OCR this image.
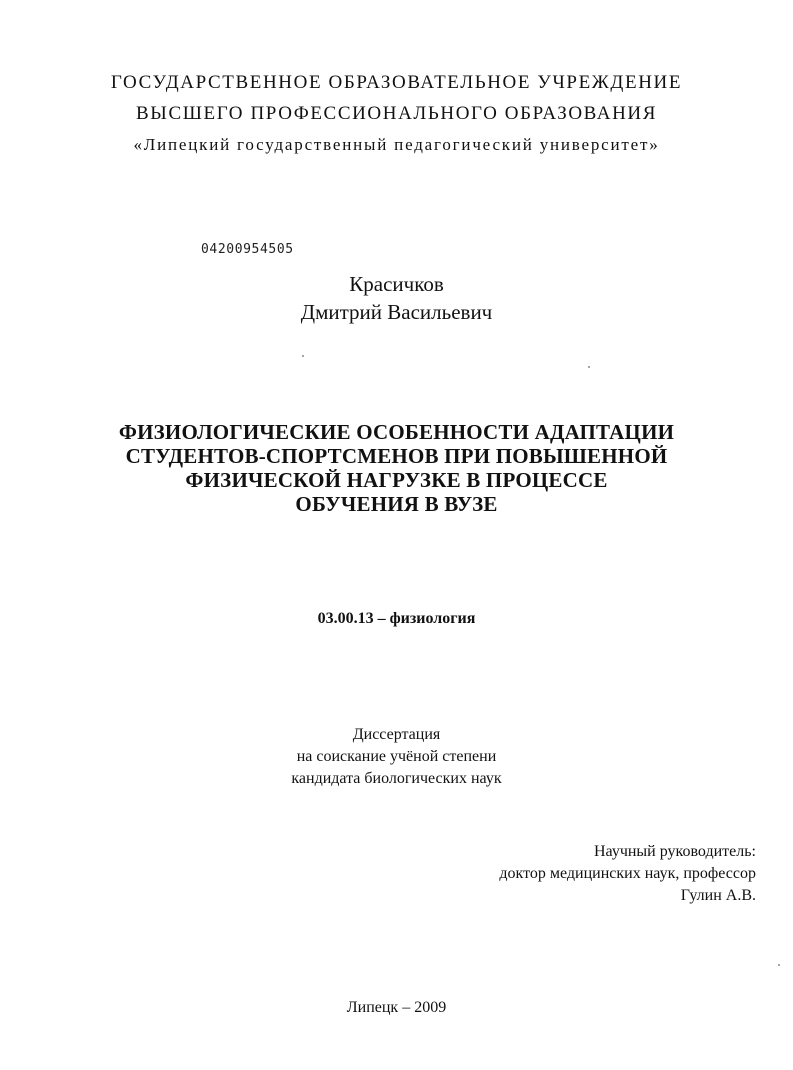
ГОСУДАРСТВЕННОЕ ОБРАЗОВАТЕЛЬНОЕ УЧРЕЖДЕНИЕ
ВЫСШЕГО ПРОФЕССИОНАЛЬНОГО ОБРАЗОВАНИЯ
«Липецкий государственный педагогический университет»
04200954505
Красичков
Дмитрий Васильевич
ФИЗИОЛОГИЧЕСКИЕ ОСОБЕННОСТИ АДАПТАЦИИ
СТУДЕНТОВ-СПОРТСМЕНОВ ПРИ ПОВЫШЕННОЙ
ФИЗИЧЕСКОЙ НАГРУЗКЕ В ПРОЦЕССЕ
ОБУЧЕНИЯ В ВУЗЕ
03.00.13 – физиология
Диссертация
на соискание учёной степени
кандидата биологических наук
Научный руководитель:
доктор медицинских наук, профессор
Гулин А.В.
Липецк – 2009
